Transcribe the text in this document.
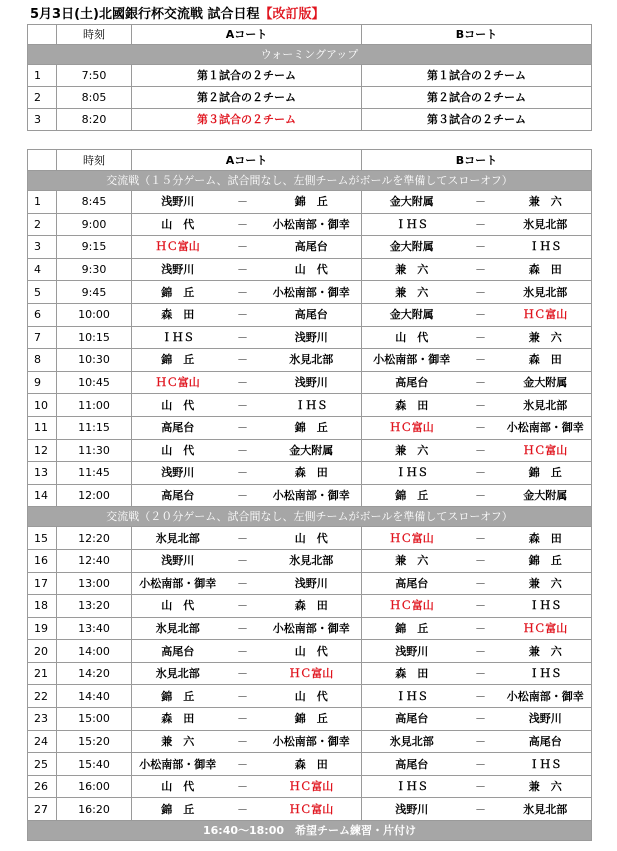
5月3日(土)北國銀行杯交流戦 試合日程【改訂版】
	時刻	Aコート	Bコート
ウォーミングアップ			
1	7:50	第１試合の２チーム	第１試合の２チーム
2	8:05	第２試合の２チーム	第２試合の２チーム
3	8:20	第３試合の２チーム	第３試合の２チーム
	時刻	Aコート			Bコート		
交流戦（１５分ゲーム、試合間なし、左側チームがボールを準備してスローオフ）							
1	8:45	浅野川	－	錦　丘	金大附属	－	兼　六
2	9:00	山　代	－	小松南部・御幸	ＩＨＳ	－	氷見北部
3	9:15	ＨＣ富山	－	高尾台	金大附属	－	ＩＨＳ
4	9:30	浅野川	－	山　代	兼　六	－	森　田
5	9:45	錦　丘	－	小松南部・御幸	兼　六	－	氷見北部
6	10:00	森　田	－	高尾台	金大附属	－	ＨＣ富山
7	10:15	ＩＨＳ	－	浅野川	山　代	－	兼　六
8	10:30	錦　丘	－	氷見北部	小松南部・御幸	－	森　田
9	10:45	ＨＣ富山	－	浅野川	高尾台	－	金大附属
10	11:00	山　代	－	ＩＨＳ	森　田	－	氷見北部
11	11:15	高尾台	－	錦　丘	ＨＣ富山	－	小松南部・御幸
12	11:30	山　代	－	金大附属	兼　六	－	ＨＣ富山
13	11:45	浅野川	－	森　田	ＩＨＳ	－	錦　丘
14	12:00	高尾台	－	小松南部・御幸	錦　丘	－	金大附属
交流戦（２０分ゲーム、試合間なし、左側チームがボールを準備してスローオフ）							
15	12:20	氷見北部	－	山　代	ＨＣ富山	－	森　田
16	12:40	浅野川	－	氷見北部	兼　六	－	錦　丘
17	13:00	小松南部・御幸	－	浅野川	高尾台	－	兼　六
18	13:20	山　代	－	森　田	ＨＣ富山	－	ＩＨＳ
19	13:40	氷見北部	－	小松南部・御幸	錦　丘	－	ＨＣ富山
20	14:00	高尾台	－	山　代	浅野川	－	兼　六
21	14:20	氷見北部	－	ＨＣ富山	森　田	－	ＩＨＳ
22	14:40	錦　丘	－	山　代	ＩＨＳ	－	小松南部・御幸
23	15:00	森　田	－	錦　丘	高尾台	－	浅野川
24	15:20	兼　六	－	小松南部・御幸	氷見北部	－	高尾台
25	15:40	小松南部・御幸	－	森　田	高尾台	－	ＩＨＳ
26	16:00	山　代	－	ＨＣ富山	ＩＨＳ	－	兼　六
27	16:20	錦　丘	－	ＨＣ富山	浅野川	－	氷見北部
16:40～18:00　希望チーム練習・片付け							
